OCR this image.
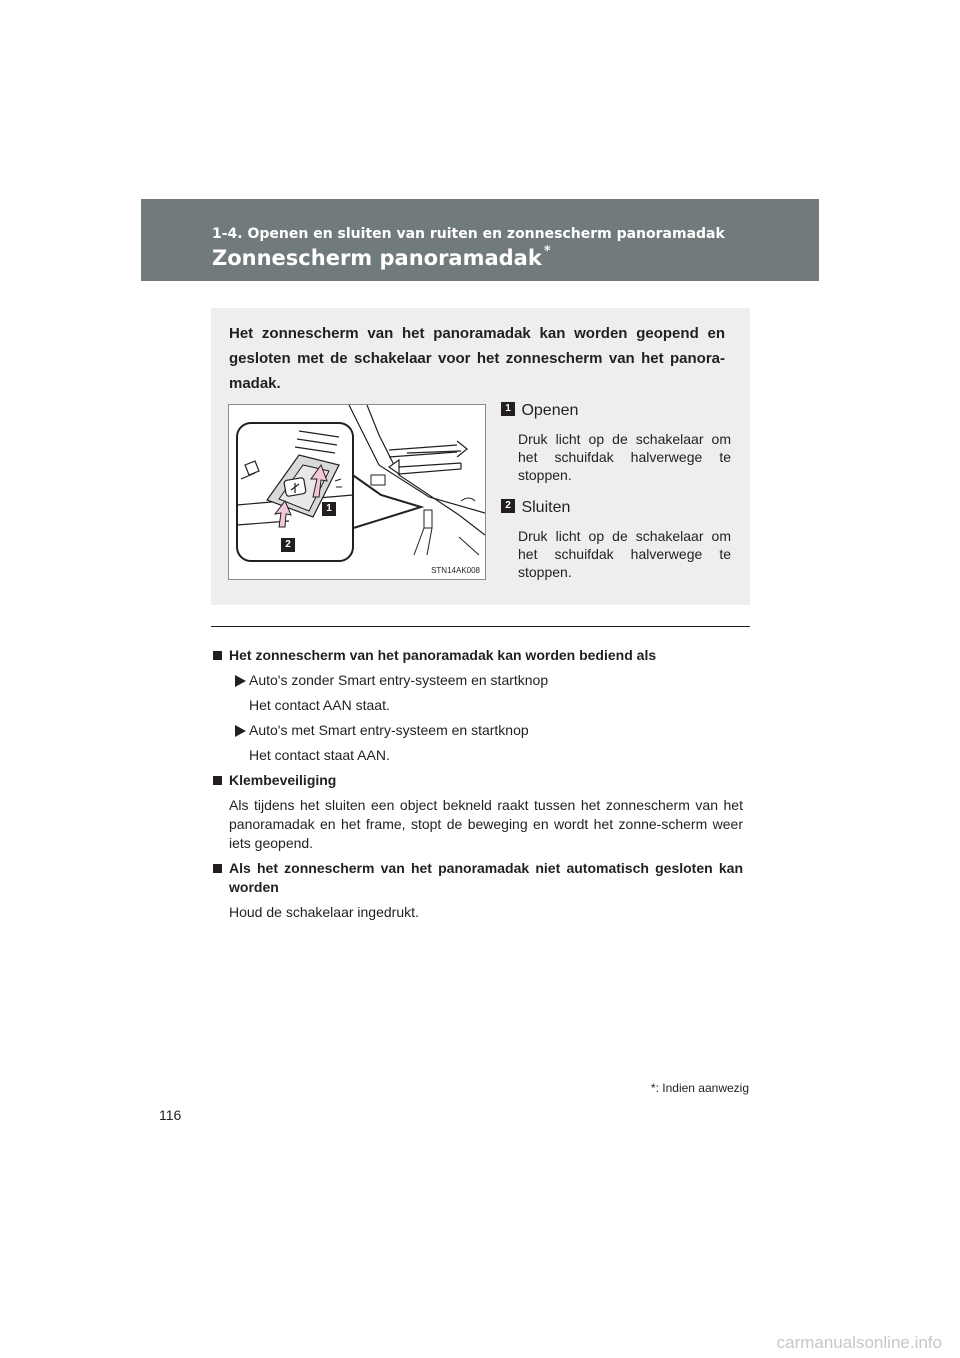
1-4. Openen en sluiten van ruiten en zonnescherm panoramadak
Zonnescherm panoramadak *
Het zonnescherm van het panoramadak kan worden geopend en gesloten met de schakelaar voor het zonnescherm van het panora-madak.
1
2
STN14AK008
1 Openen
Druk licht op de schakelaar om het schuifdak halverwege te stoppen.
2 Sluiten
Druk licht op de schakelaar om het schuifdak halverwege te stoppen.
Het zonnescherm van het panoramadak kan worden bediend als
Auto's zonder Smart entry-systeem en startknop
Het contact AAN staat.
Auto's met Smart entry-systeem en startknop
Het contact staat AAN.
Klembeveiliging
Als tijdens het sluiten een object bekneld raakt tussen het zonnescherm van het panoramadak en het frame, stopt de beweging en wordt het zonne-scherm weer iets geopend.
Als het zonnescherm van het panoramadak niet automatisch gesloten kan worden
Houd de schakelaar ingedrukt.
*: Indien aanwezig
116
carmanualsonline.info
